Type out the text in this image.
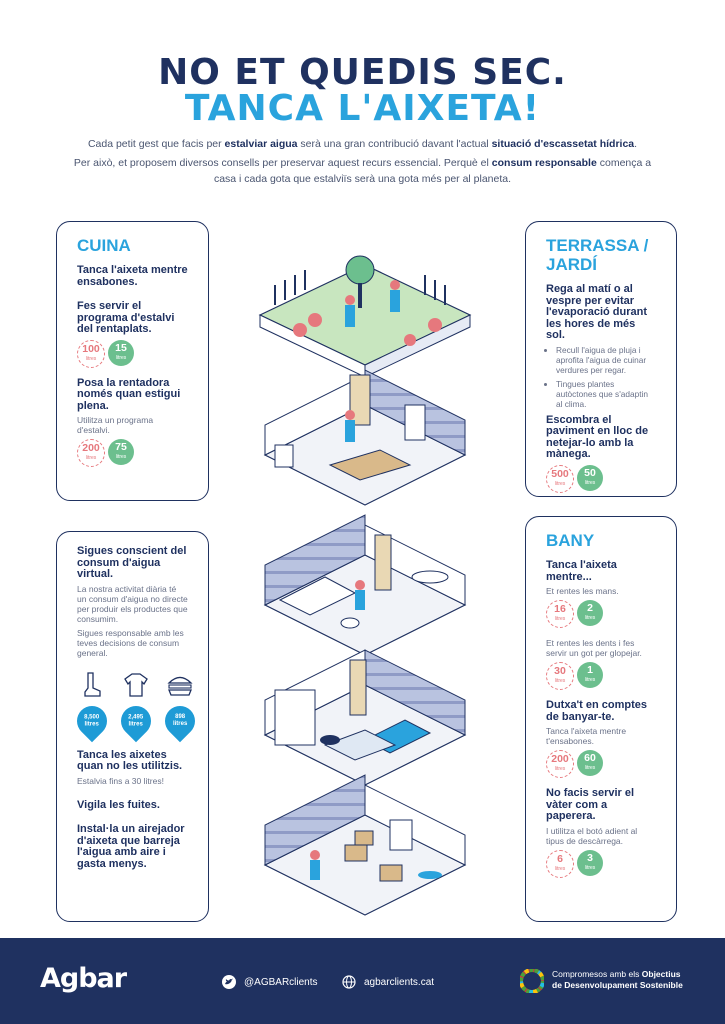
NO ET QUEDIS SEC.
TANCA L'AIXETA!
Cada petit gest que facis per estalviar aigua serà una gran contribució davant l'actual situació d'escassetat hídrica.
Per això, et proposem diversos consells per preservar aquest recurs essencial. Perquè el consum responsable comença a
casa i cada gota que estalviïs serà una gota més per al planeta.
CUINA
Tanca l'aixeta mentre ensabones.
Fes servir el programa d'estalvi del rentaplats.
100
litres
15
litres
Posa la rentadora només quan estigui plena.
Utilitza un programa d'estalvi.
200
litres
75
litres
TERRASSA /
JARDÍ
Rega al matí o al vespre per evitar l'evaporació durant les hores de més sol.
• Recull l'aigua de pluja i aprofita l'aigua de cuinar verdures per regar.
• Tingues plantes autòctones que s'adaptin al clima.
Escombra el paviment en lloc de netejar-lo amb la mànega.
500
litres
50
litres
Sigues conscient del consum d'aigua virtual.
La nostra activitat diària té un consum d'aigua no directe per produir els productes que consumim.
Sigues responsable amb les teves decisions de consum general.
8,500
litres
2,495
litres
898
litres
Tanca les aixetes quan no les utilitzis.
Estalvia fins a 30 litres!
Vigila les fuites.
Instal·la un airejador d'aixeta que barreja l'aigua amb aire i gasta menys.
BANY
Tanca l'aixeta mentre...
Et rentes les mans.
16
litres
2
litres
Et rentes les dents i fes servir un got per glopejar.
30
litres
1
litres
Dutxa't en comptes de banyar-te.
Tanca l'aixeta mentre t'ensabones.
200
litres
60
litres
No facis servir el vàter com a paperera.
I utilitza el botó adient al tipus de descàrrega.
6
litres
3
litres
Agbar	@AGBARclients	agbarclients.cat
Compromesos amb els Objectius
de Desenvolupament Sostenible
